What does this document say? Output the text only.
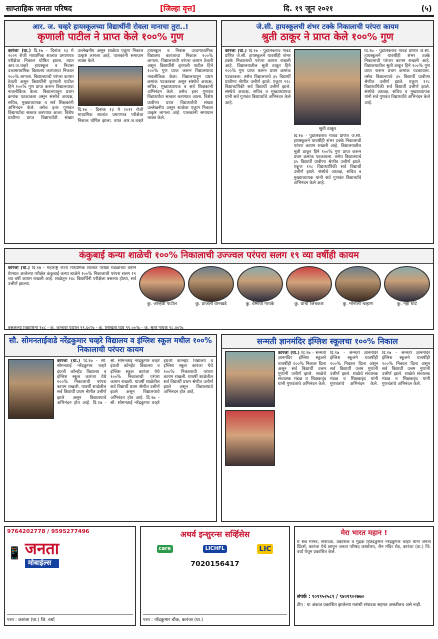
साप्ताहिक जनता परिषद	[जिल्हा वृत्त]	दि. १९ जून २०२१	(५)
आर. ज. चव्हरे हायस्कूलच्या विद्यार्थीनी रोवला मानाचा तुरा..!
कृणाली पाटील ने प्राप्त केले १००% गुण
कारंजा (घा.) दि.१७ - दिनांक १३ मे २०२१ रोजी माध्यमिक शालांत प्रमाणपत्र परीक्षेचा निकाल घोषित झाला. त्यात आर.ज.चव्हरे हायस्कूल व निवास उच्चमाध्यमिक विद्यालय कारंजाचा निकाल १००% लागला. विद्यालयाची परंपरा कायम ठेवली असून विद्यार्थीनी कृणाली पाटील हिने १००% गुण प्राप्त करून विद्यालयाचा नावलौकिक केला. विद्यालयातून प्रथम क्रमांक पटकावला असून संस्थेचे अध्यक्ष, सचिव, मुख्याध्यापक व सर्व शिक्षकांनी अभिनंदन केले. तसेच इतर गुणवंत विद्यार्थ्यांचा सत्कार करण्यात आला. विशेष प्रावीण्य प्राप्त विद्यार्थ्यांची संख्या उल्लेखनीय असून शाळेचा एकूण निकाल उत्कृष्ट लागला आहे. पालकांनी समाधान व्यक्त केले.
दि.१७ - दिनांक १३ मे २०२१ रोजी माध्यमिक शालांत प्रमाणपत्र परीक्षेचा निकाल घोषित झाला. त्यात आर.ज.चव्हरे हायस्कूल व निवास उच्चमाध्यमिक विद्यालय कारंजाचा निकाल १००% लागला. विद्यालयाची परंपरा कायम ठेवली असून विद्यार्थीनी कृणाली पाटील हिने १००% गुण प्राप्त करून विद्यालयाचा नावलौकिक केला. विद्यालयातून प्रथम क्रमांक पटकावला असून संस्थेचे अध्यक्ष, सचिव, मुख्याध्यापक व सर्व शिक्षकांनी अभिनंदन केले. तसेच इतर गुणवंत विद्यार्थ्यांचा सत्कार करण्यात आला. विशेष प्रावीण्य प्राप्त विद्यार्थ्यांची संख्या उल्लेखनीय असून शाळेचा एकूण निकाल उत्कृष्ट लागला आहे. पालकांनी समाधान व्यक्त केले.
जे.सी. हायस्कूलची शंभर टक्के निकालाची परंपरा कायम
श्रुती ठाकूर ने प्राप्त केले १००% गुण
कारंजा (घा.) दि.१७ - पुंडलिकराव गावंडे प्रणित जे.सी. हायस्कूलने यावर्षीही शंभर टक्के निकालाची परंपरा कायम राखली आहे. विद्यालयातील श्रुती ठाकूर हिने १००% गुण प्राप्त करून प्रथम क्रमांक पटकावला. तसेच विद्यालयाचे ३५ विद्यार्थी प्रावीण्य श्रेणीत उत्तीर्ण झाले. एकूण १२८ विद्यार्थ्यांपैकी सर्व विद्यार्थी उत्तीर्ण झाले. संस्थेचे अध्यक्ष, सचिव व मुख्याध्यापक यांनी सर्व गुणवंत विद्यार्थ्यांचे अभिनंदन केले आहे.
श्रुती ठाकूर
दि.१७ - पुंडलिकराव गावंडे प्रणित जे.सी. हायस्कूलने यावर्षीही शंभर टक्के निकालाची परंपरा कायम राखली आहे. विद्यालयातील श्रुती ठाकूर हिने १००% गुण प्राप्त करून प्रथम क्रमांक पटकावला. तसेच विद्यालयाचे ३५ विद्यार्थी प्रावीण्य श्रेणीत उत्तीर्ण झाले. एकूण १२८ विद्यार्थ्यांपैकी सर्व विद्यार्थी उत्तीर्ण झाले. संस्थेचे अध्यक्ष, सचिव व मुख्याध्यापक यांनी सर्व गुणवंत विद्यार्थ्यांचे अभिनंदन केले आहे.
दि.१७ - पुंडलिकराव गावंडे प्रणित जे.सी. हायस्कूलने यावर्षीही शंभर टक्के निकालाची परंपरा कायम राखली आहे. विद्यालयातील श्रुती ठाकूर हिने १००% गुण प्राप्त करून प्रथम क्रमांक पटकावला. तसेच विद्यालयाचे ३५ विद्यार्थी प्रावीण्य श्रेणीत उत्तीर्ण झाले. एकूण १२८ विद्यार्थ्यांपैकी सर्व विद्यार्थी उत्तीर्ण झाले. संस्थेचे अध्यक्ष, सचिव व मुख्याध्यापक यांनी सर्व गुणवंत विद्यार्थ्यांचे अभिनंदन केले आहे.
कंकुबाई कन्या शाळेची १००% निकालाची उज्ज्वल परंपरा सलग १९ व्या वर्षीही कायम
कारंजा (घा.) दि.१७ - महाराष्ट्र राज्य माध्यमिक शालांत परीक्षा मंडळाच्या वतीने घेण्यात आलेल्या परीक्षेत कंकुबाई कन्या शाळेने १००% निकालाची परंपरा सलग १९ व्या वर्षी कायम राखली आहे. शाळेतून १४८ विद्यार्थिनी परीक्षेला बसल्या होत्या, सर्व उत्तीर्ण झाल्या.
कु. जान्हवी पाटील	कु. प्रांजली वानखडे	कु. वैष्णवी गायके	कु. प्राची जिचकार	कु. मोनाली चव्हाण	कु. नेहा धोटे
बसलेल्या विद्यार्थिनी १४८ - कु. जान्हवी पाटील ९९.६०% - कु. लिखिता दिघे ९९.००% - कु. श्रुती गायके ९८.४०%
सौ. सोमनताईवाडे नरेंद्रकुमार चव्हरे विद्यालय व इंग्लिश स्कूल मधील १००% निकालाची परंपरा कायम
कारंजा (घा.) दि.१७ - सौ. सोमनताई नरेंद्रकुमार चव्हरे इंग्रजी कॉन्व्हेंट विद्यालय व इंग्लिश स्कूल कारंजा येथे १००% निकालाची परंपरा कायम राखली. यावर्षी शाळेतील सर्व विद्यार्थी प्रथम श्रेणीत उत्तीर्ण झाले असून विद्यालयाचे अभिनंदन होत आहे. दि.१७ - सौ. सोमनताई नरेंद्रकुमार चव्हरे इंग्रजी कॉन्व्हेंट विद्यालय व इंग्लिश स्कूल कारंजा येथे १००% निकालाची परंपरा कायम राखली. यावर्षी शाळेतील सर्व विद्यार्थी प्रथम श्रेणीत उत्तीर्ण झाले असून विद्यालयाचे अभिनंदन होत आहे. दि.१७ - सौ. सोमनताई नरेंद्रकुमार चव्हरे इंग्रजी कॉन्व्हेंट विद्यालय व इंग्लिश स्कूल कारंजा येथे १००% निकालाची परंपरा कायम राखली. यावर्षी शाळेतील सर्व विद्यार्थी प्रथम श्रेणीत उत्तीर्ण झाले असून विद्यालयाचे अभिनंदन होत आहे.
सन्मती ज्ञानमंदिर इंग्लिश स्कूलचा १००% निकाल
कारंजा (घा.) दि.१७ - सन्मती ज्ञानमंदिर इंग्लिश स्कूलने यावर्षीही १००% निकाल दिला असून सर्व विद्यार्थी उत्तम गुणांनी उत्तीर्ण झाले. शाळेचे संचालक मंडळ व शिक्षकवृंद यांनी गुणवंतांचे अभिनंदन केले. दि.१७ - सन्मती ज्ञानमंदिर इंग्लिश स्कूलने यावर्षीही १००% निकाल दिला असून सर्व विद्यार्थी उत्तम गुणांनी उत्तीर्ण झाले. शाळेचे संचालक मंडळ व शिक्षकवृंद यांनी गुणवंतांचे अभिनंदन केले. दि.१७ - सन्मती ज्ञानमंदिर इंग्लिश स्कूलने यावर्षीही १००% निकाल दिला असून सर्व विद्यार्थी उत्तम गुणांनी उत्तीर्ण झाले. शाळेचे संचालक मंडळ व शिक्षकवृंद यांनी गुणवंतांचे अभिनंदन केले.
9764202778 / 9595277496
📱 जनता
मोबाईल्स
पत्ता : कारंजा (घा.) जि. वर्धा
अथर्व इन्शुरन्स सर्व्हिसेस
care	LICHFL	LIC
7020156417
पत्ता : नरेंद्रकुमार चौक, कारंजा (घा.)
मेरा भारत महान !
ये सब मानव, संपादक, प्रकाशक व मुद्रक हितेंद्रकुमार नरेंद्रकुमार चव्हरे यांनी जनता प्रिंटर्स, कारंजा येथे छापून जनता परिषद कार्यालय, जैन मंदिर रोड, कारंजा (घा.) जि. वर्धा येथून प्रकाशित केले.
संपर्क : ९०९९५२५८९ / ९४०१९०२७७०
टीप : या अंकात प्रकाशित झालेल्या मतांशी संपादक सहमत असतीलच असे नाही.
